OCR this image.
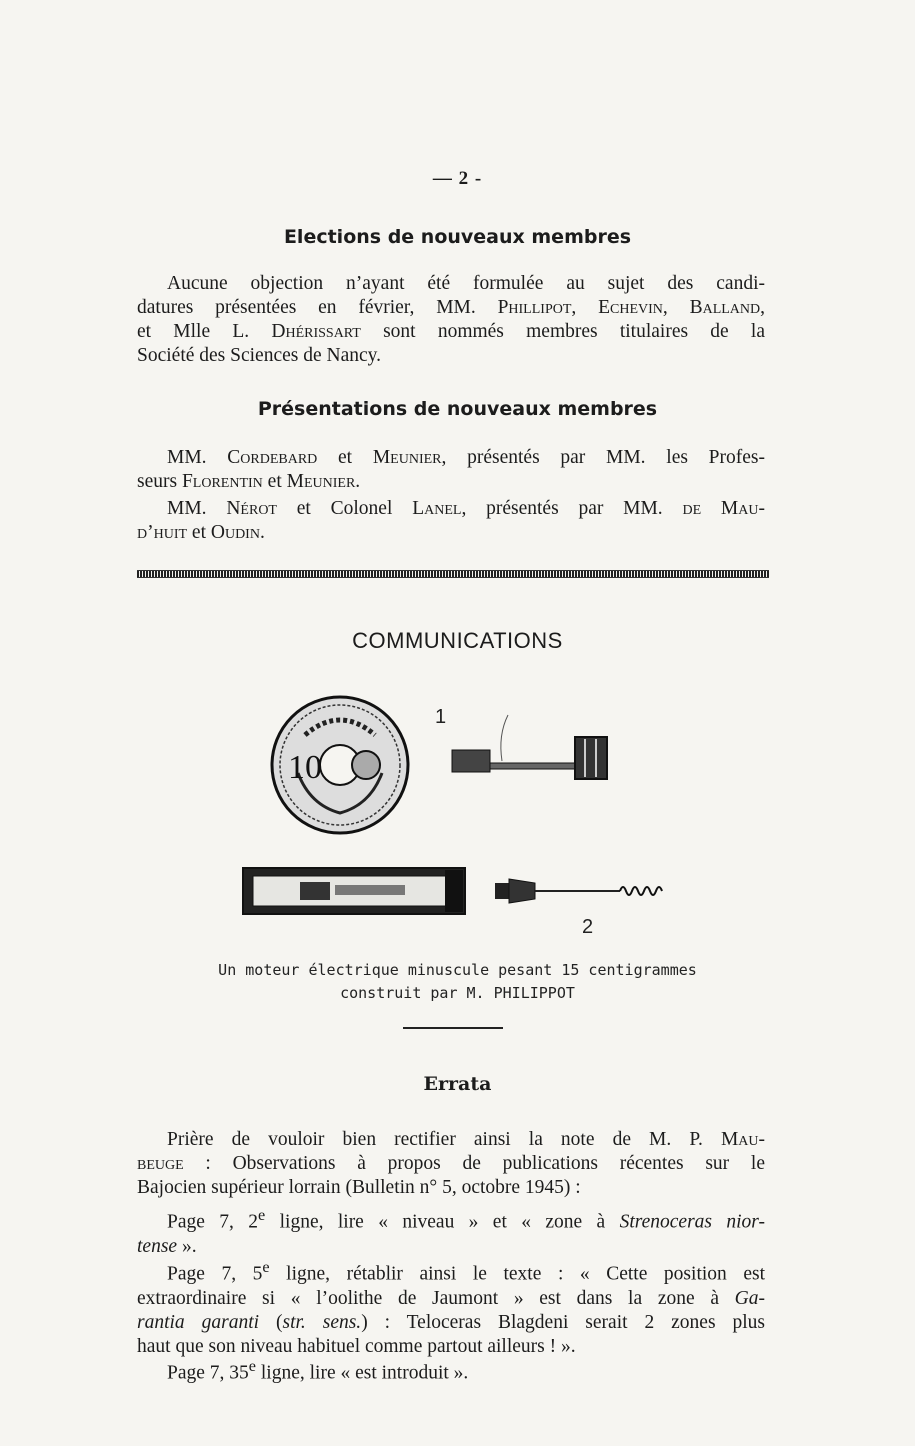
— 2 -
Elections de nouveaux membres
Aucune objection n’ayant été formulée au sujet des candi-
datures présentées en février, MM. Phillipot, Echevin, Balland,
et Mlle L. Dhérissart sont nommés membres titulaires de la
Société des Sciences de Nancy.
Présentations de nouveaux membres
MM. Cordebard et Meunier, présentés par MM. les Profes-
seurs Florentin et Meunier.
MM. Nérot et Colonel Lanel, présentés par MM. de Mau-
d’huit et Oudin.
COMMUNICATIONS
10
1
2
Un moteur électrique minuscule pesant 15 centigrammes
construit par M. PHILIPPOT
Errata
Prière de vouloir bien rectifier ainsi la note de M. P. Mau-
beuge : Observations à propos de publications récentes sur le
Bajocien supérieur lorrain (Bulletin n° 5, octobre 1945) :
Page 7, 2e ligne, lire « niveau » et « zone à Strenoceras nior-
tense ».
Page 7, 5e ligne, rétablir ainsi le texte : « Cette position est
extraordinaire si « l’oolithe de Jaumont » est dans la zone à Ga-
rantia garanti (str. sens.) : Teloceras Blagdeni serait 2 zones plus
haut que son niveau habituel comme partout ailleurs ! ».
Page 7, 35e ligne, lire « est introduit ».
